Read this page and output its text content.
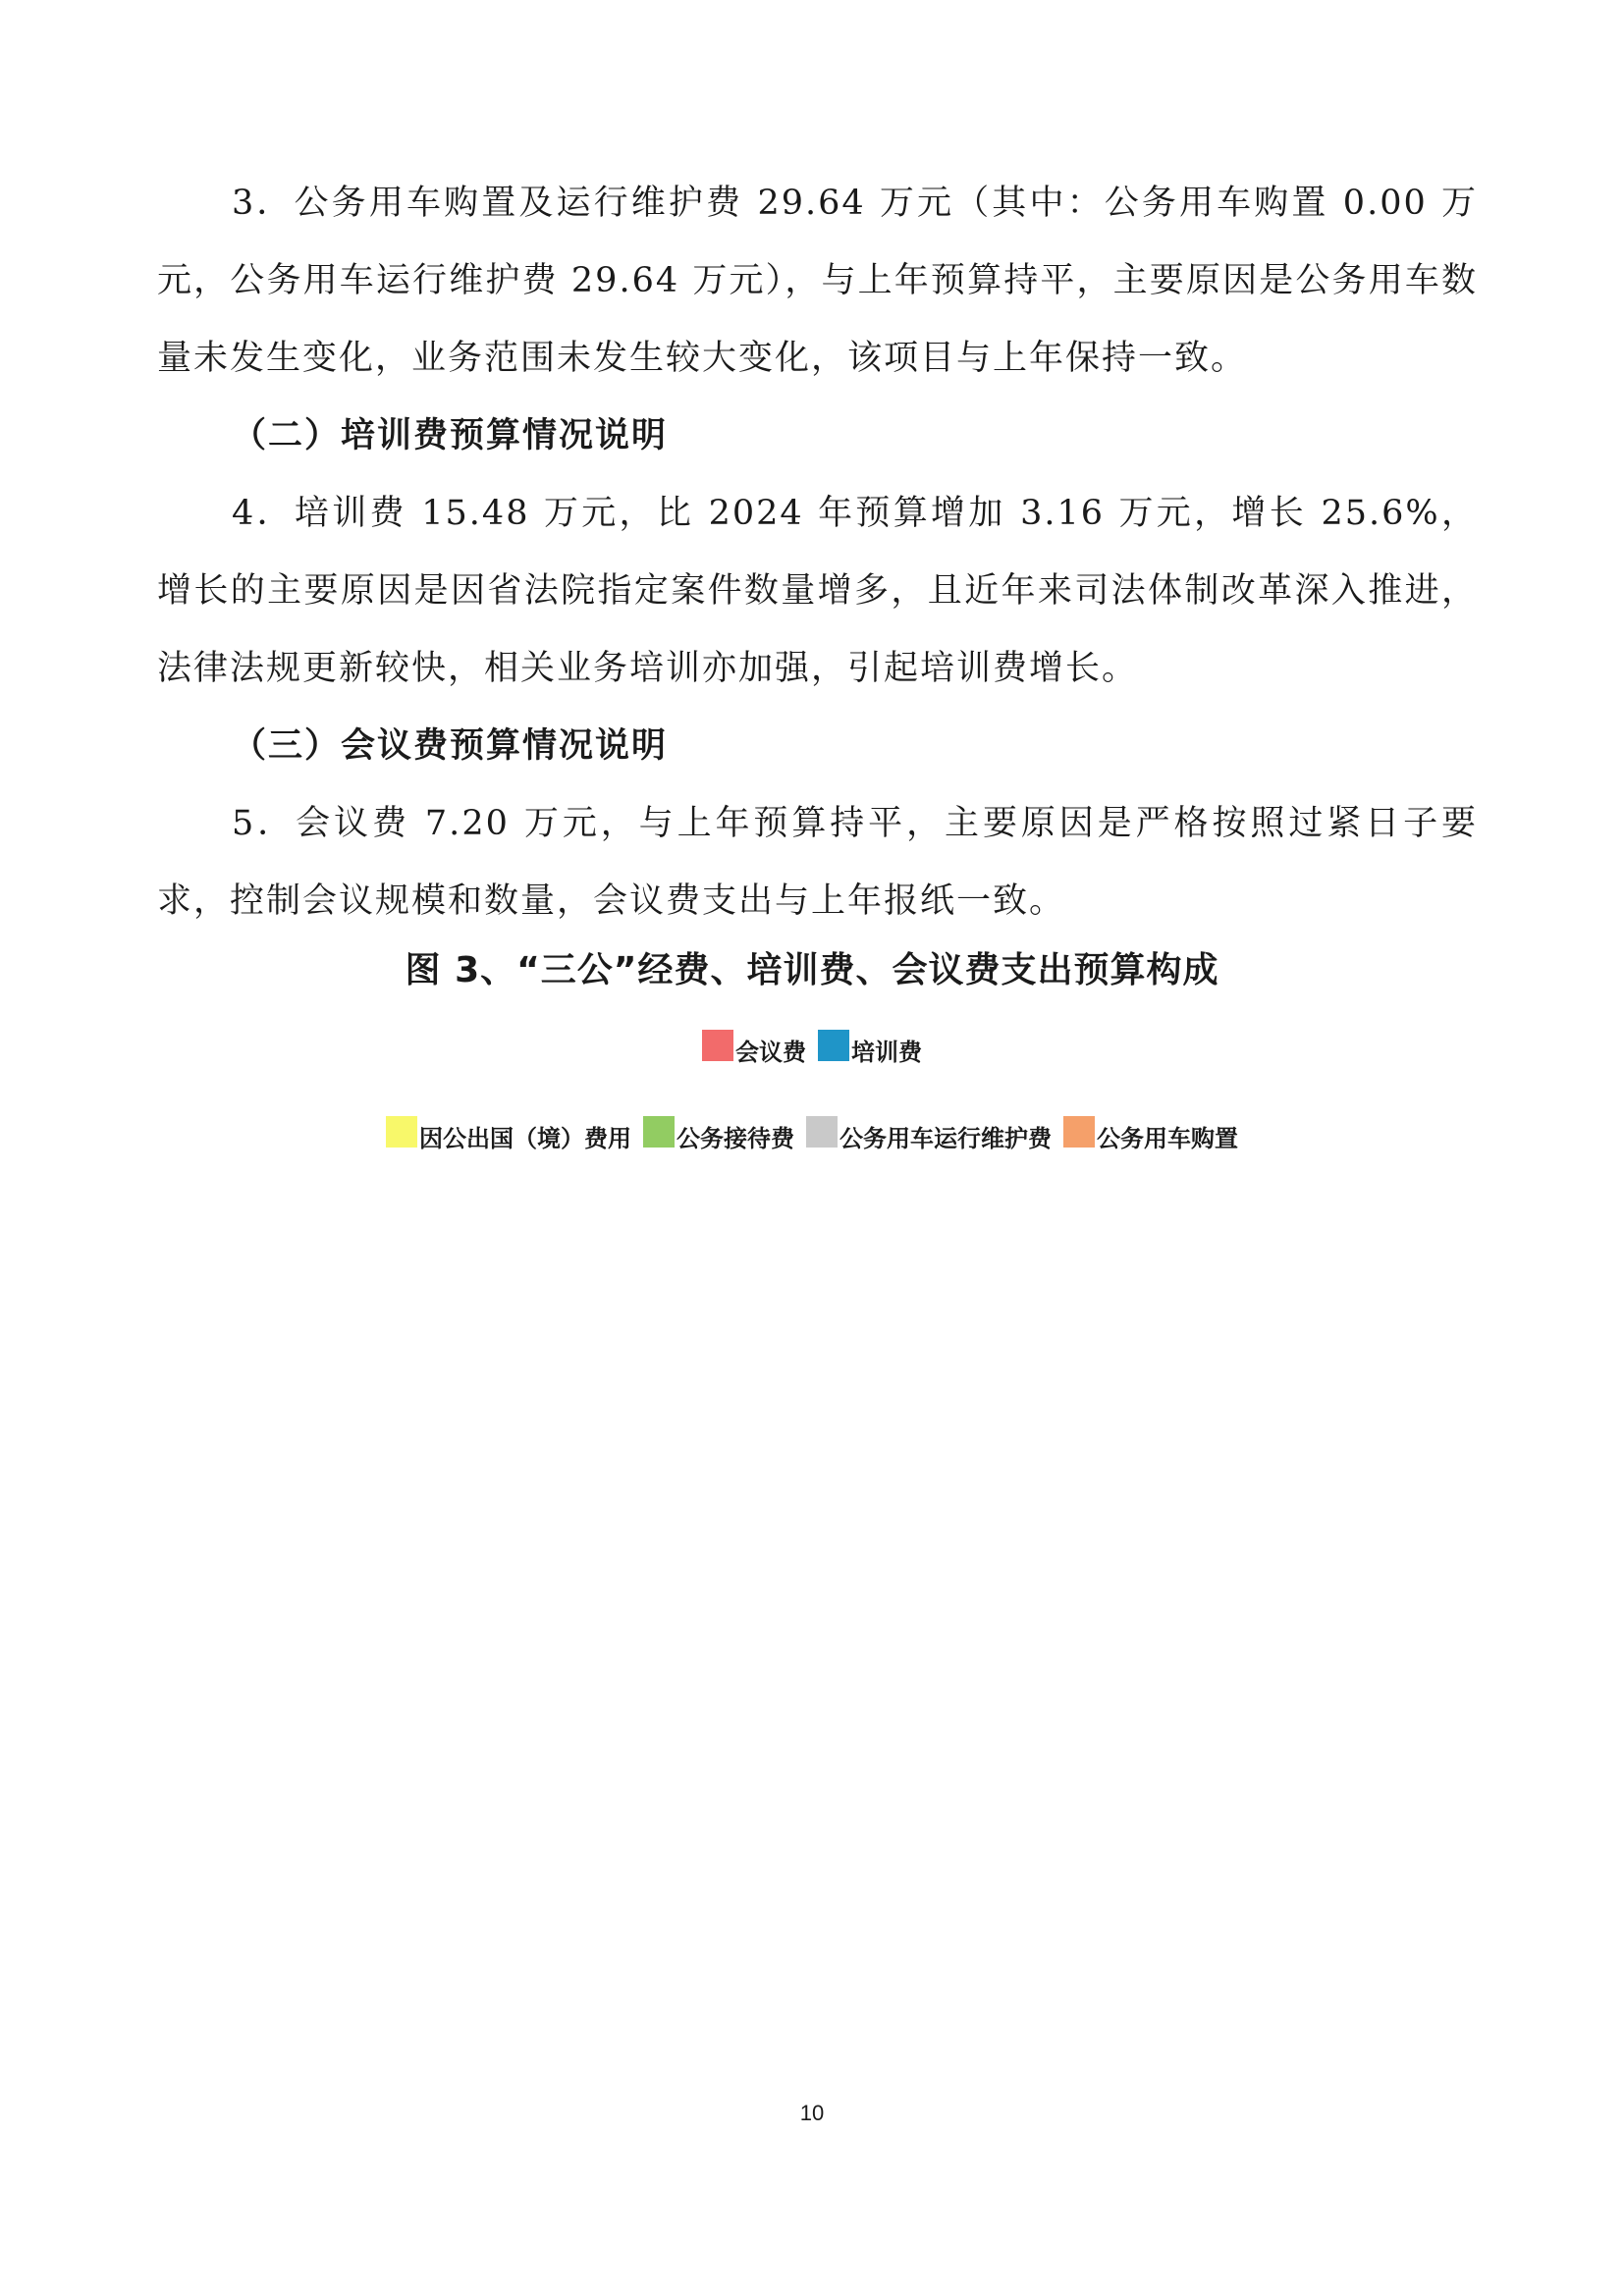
3．公务用车购置及运行维护费 29.64 万元（其中：公务用车购置 0.00 万元，公务用车运行维护费 29.64 万元），与上年预算持平，主要原因是公务用车数量未发生变化，业务范围未发生较大变化，该项目与上年保持一致。

（二）培训费预算情况说明

4．培训费 15.48 万元，比 2024 年预算增加 3.16 万元，增长 25.6%，增长的主要原因是因省法院指定案件数量增多，且近年来司法体制改革深入推进，法律法规更新较快，相关业务培训亦加强，引起培训费增长。

（三）会议费预算情况说明

5．会议费 7.20 万元，与上年预算持平，主要原因是严格按照过紧日子要求，控制会议规模和数量，会议费支出与上年报纸一致。

图 3、“三公”经费、培训费、会议费支出预算构成
会议费 培训费
因公出国（境）费用 公务接待费 公务用车运行维护费 公务用车购置
10
